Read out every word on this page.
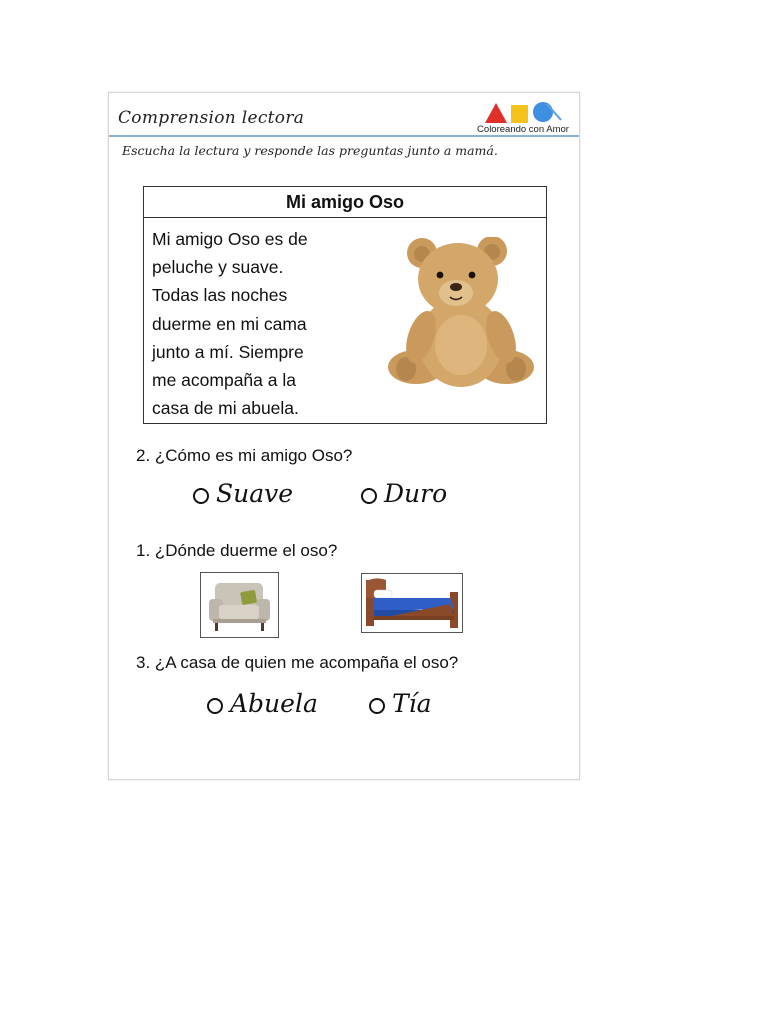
Comprension lectora
Coloreando con Amor
Escucha la lectura y responde las preguntas junto a mamá.
Mi amigo Oso
Mi amigo Oso es de
peluche y suave.
Todas las noches
duerme en mi cama
junto a mí. Siempre
me acompaña a la
casa de mi abuela.
2. ¿Cómo es mi amigo Oso?
Suave	Duro
1. ¿Dónde duerme el oso?
3. ¿A casa de quien me acompaña el oso?
Abuela	Tía
